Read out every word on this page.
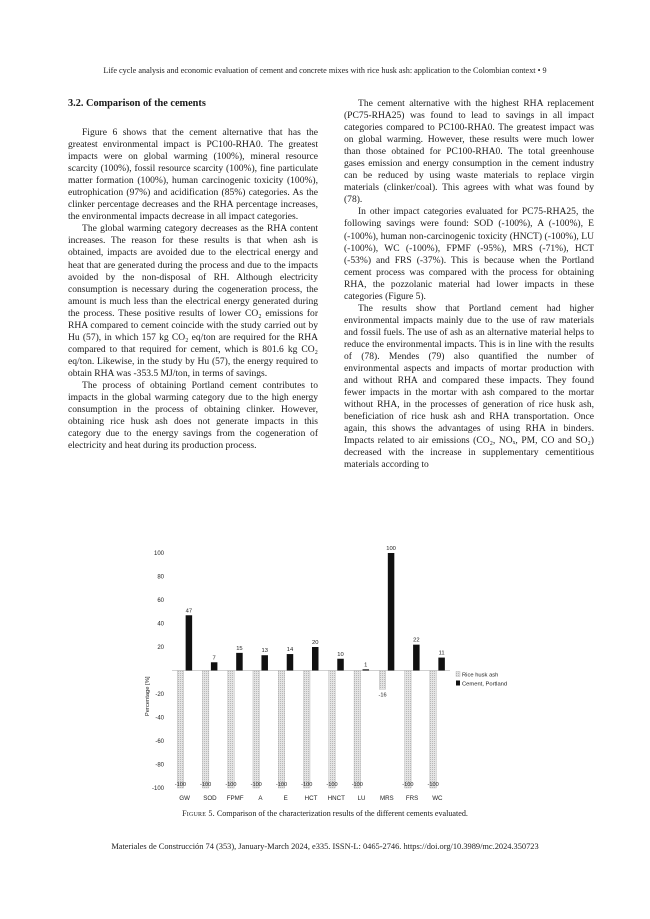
Life cycle analysis and economic evaluation of cement and concrete mixes with rice husk ash: application to the Colombian context • 9
3.2. Comparison of the cements

Figure 6 shows that the cement alternative that has the greatest environmental impact is PC100-RHA0. The greatest impacts were on global warming (100%), mineral resource scarcity (100%), fossil resource scarcity (100%), fine particulate matter formation (100%), human carcinogenic toxicity (100%), eutrophication (97%) and acidification (85%) categories. As the clinker percentage decreases and the RHA percentage increases, the environmental impacts decrease in all impact categories.

The global warming category decreases as the RHA content increases. The reason for these results is that when ash is obtained, impacts are avoided due to the electrical energy and heat that are generated during the process and due to the impacts avoided by the non-disposal of RH. Although electricity consumption is necessary during the cogeneration process, the amount is much less than the electrical energy generated during the process. These positive results of lower CO₂ emissions for RHA compared to cement coincide with the study carried out by Hu (57), in which 157 kg CO₂ eq/ton are required for the RHA compared to that required for cement, which is 801.6 kg CO₂ eq/ton. Likewise, in the study by Hu (57), the energy required to obtain RHA was -353.5 MJ/ton, in terms of savings.

The process of obtaining Portland cement contributes to impacts in the global warming category due to the high energy consumption in the process of obtaining clinker. However, obtaining rice husk ash does not generate impacts in this category due to the energy savings from the cogeneration of electricity and heat during its production process.

The cement alternative with the highest RHA replacement (PC75-RHA25) was found to lead to savings in all impact categories compared to PC100-RHA0. The greatest impact was on global warming. However, these results were much lower than those obtained for PC100-RHA0. The total greenhouse gases emission and energy consumption in the cement industry can be reduced by using waste materials to replace virgin materials (clinker/coal). This agrees with what was found by (78).

In other impact categories evaluated for PC75-RHA25, the following savings were found: SOD (-100%), A (-100%), E (-100%), human non-carcinogenic toxicity (HNCT) (-100%), LU (-100%), WC (-100%), FPMF (-95%), MRS (-71%), HCT (-53%) and FRS (-37%). This is because when the Portland cement process was compared with the process for obtaining RHA, the pozzolanic material had lower impacts in these categories (Figure 5).

The results show that Portland cement had higher environmental impacts mainly due to the use of raw materials and fossil fuels. The use of ash as an alternative material helps to reduce the environmental impacts. This is in line with the results of (78). Mendes (79) also quantified the number of environmental aspects and impacts of mortar production with and without RHA and compared these impacts. They found fewer impacts in the mortar with ash compared to the mortar without RHA, in the processes of generation of rice husk ash, beneficiation of rice husk ash and RHA transportation. Once again, this shows the advantages of using RHA in binders. Impacts related to air emissions (CO₂, NOₓ, PM, CO and SO₂) decreased with the increase in supplementary cementitious materials according to

100
80
60
40
20
-20
-40
-60
-80
-100
Percentage [%]
-100
47
GW
-100
7
SOD
-100
15
FPMF
-100
13
A
-100
14
E
-100
20
HCT
-100
10
HNCT
-100
1
LU
-16
100
MRS
-100
22
FRS
-100
11
WC
Rice husk ash
Cement, Portland
Figure 5. Comparison of the characterization results of the different cements evaluated.
Materiales de Construcción 74 (353), January-March 2024, e335. ISSN-L: 0465-2746. https://doi.org/10.3989/mc.2024.350723
